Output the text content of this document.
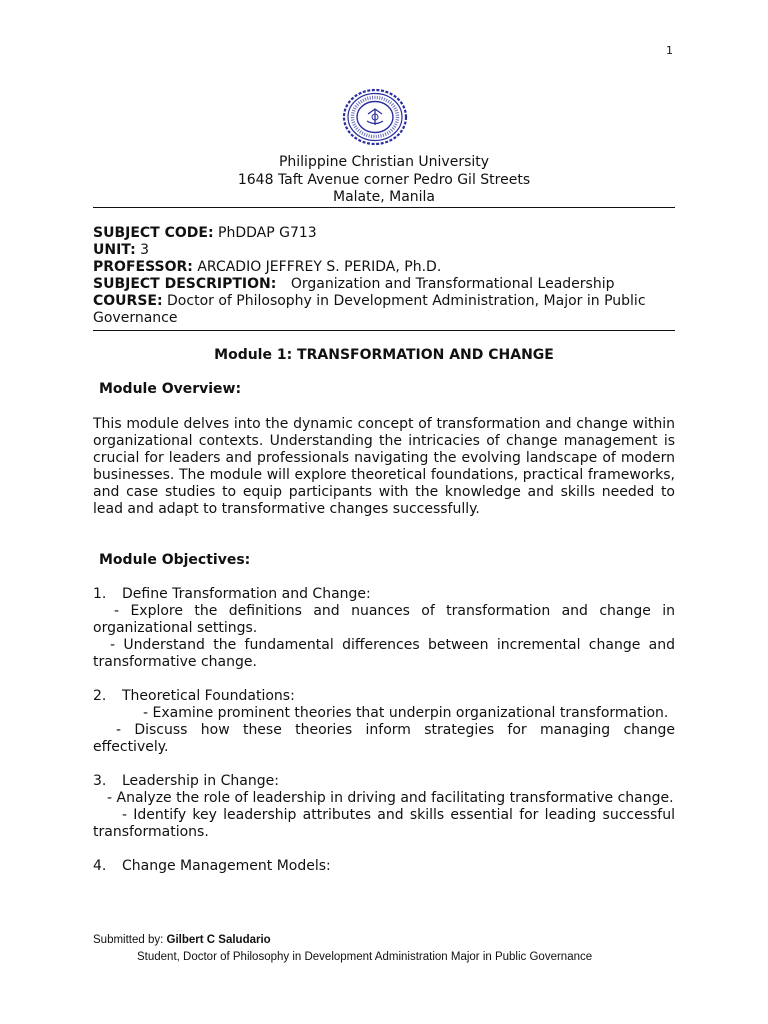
1
Philippine Christian University
1648 Taft Avenue corner Pedro Gil Streets
Malate, Manila
SUBJECT CODE: PhDDAP G713
UNIT: 3
PROFESSOR: ARCADIO JEFFREY S. PERIDA, Ph.D.
SUBJECT DESCRIPTION: Organization and Transformational Leadership
COURSE: Doctor of Philosophy in Development Administration, Major in Public Governance
Module 1: TRANSFORMATION AND CHANGE
Module Overview:
This module delves into the dynamic concept of transformation and change within organizational contexts. Understanding the intricacies of change management is crucial for leaders and professionals navigating the evolving landscape of modern businesses. The module will explore theoretical foundations, practical frameworks, and case studies to equip participants with the knowledge and skills needed to lead and adapt to transformative changes successfully.
Module Objectives:
1. Define Transformation and Change:
- Explore the definitions and nuances of transformation and change in organizational settings.
- Understand the fundamental differences between incremental change and transformative change.
2. Theoretical Foundations:
- Examine prominent theories that underpin organizational transformation.
- Discuss how these theories inform strategies for managing change effectively.
3. Leadership in Change:
- Analyze the role of leadership in driving and facilitating transformative change.
- Identify key leadership attributes and skills essential for leading successful transformations.
4. Change Management Models:
Submitted by: Gilbert C Saludario
Student, Doctor of Philosophy in Development Administration Major in Public Governance
